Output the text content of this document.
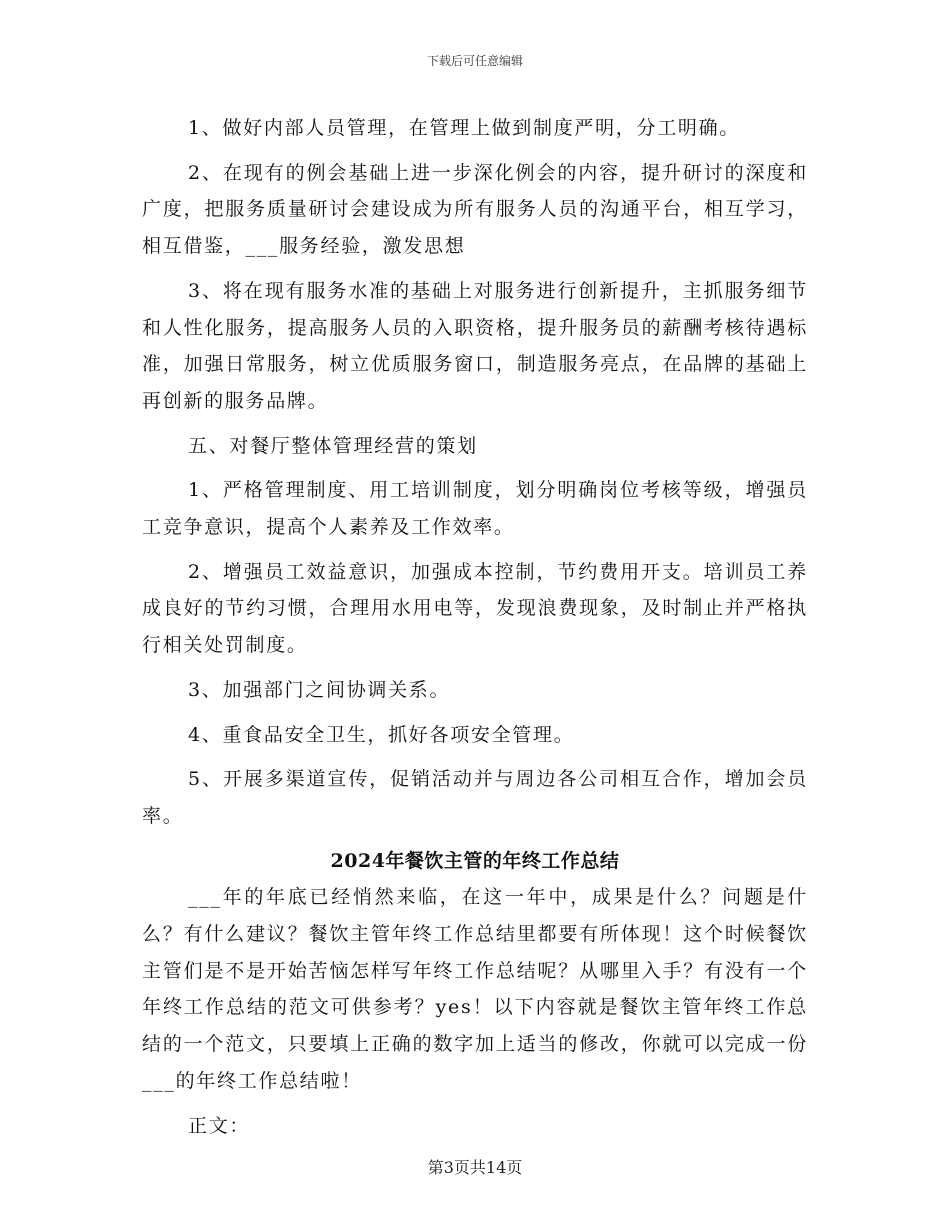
下载后可任意编辑

1、做好内部人员管理，在管理上做到制度严明，分工明确。

2、在现有的例会基础上进一步深化例会的内容，提升研讨的深度和广度，把服务质量研讨会建设成为所有服务人员的沟通平台，相互学习，相互借鉴，___服务经验，激发思想

3、将在现有服务水准的基础上对服务进行创新提升，主抓服务细节和人性化服务，提高服务人员的入职资格，提升服务员的薪酬考核待遇标准，加强日常服务，树立优质服务窗口，制造服务亮点，在品牌的基础上再创新的服务品牌。

五、对餐厅整体管理经营的策划

1、严格管理制度、用工培训制度，划分明确岗位考核等级，增强员工竞争意识，提高个人素养及工作效率。

2、增强员工效益意识，加强成本控制，节约费用开支。培训员工养成良好的节约习惯，合理用水用电等，发现浪费现象，及时制止并严格执行相关处罚制度。

3、加强部门之间协调关系。

4、重食品安全卫生，抓好各项安全管理。

5、开展多渠道宣传，促销活动并与周边各公司相互合作，增加会员率。

2024年餐饮主管的年终工作总结

___年的年底已经悄然来临，在这一年中，成果是什么？问题是什么？有什么建议？餐饮主管年终工作总结里都要有所体现！这个时候餐饮主管们是不是开始苦恼怎样写年终工作总结呢？从哪里入手？有没有一个年终工作总结的范文可供参考？yes！以下内容就是餐饮主管年终工作总结的一个范文，只要填上正确的数字加上适当的修改，你就可以完成一份___的年终工作总结啦！

正文：

第3页共14页
